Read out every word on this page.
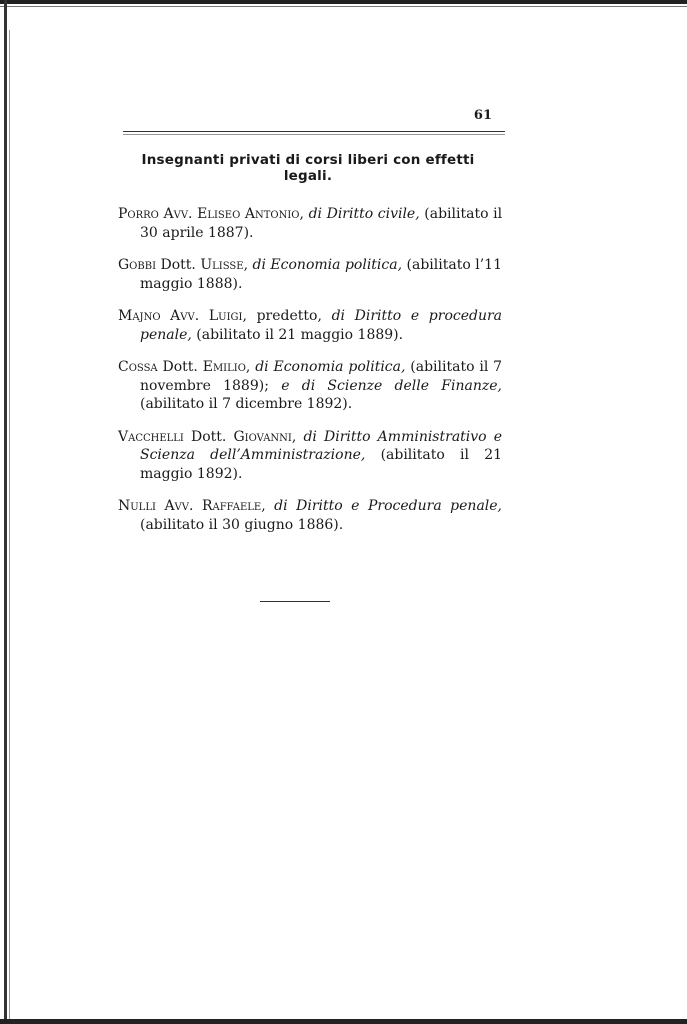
61
Insegnanti privati di corsi liberi con effetti legali.

Porro Avv. Eliseo Antonio, di Diritto civile, (abilitato il 30 aprile 1887).

Gobbi Dott. Ulisse, di Economia politica, (abilitato l’11 maggio 1888).

Majno Avv. Luigi, predetto, di Diritto e procedura penale, (abilitato il 21 maggio 1889).

Cossa Dott. Emilio, di Economia politica, (abilitato il 7 novembre 1889); e di Scienze delle Finanze, (abilitato il 7 dicembre 1892).

Vacchelli Dott. Giovanni, di Diritto Amministrativo e Scienza dell’Amministrazione, (abilitato il 21 maggio 1892).

Nulli Avv. Raffaele, di Diritto e Procedura penale, (abilitato il 30 giugno 1886).
